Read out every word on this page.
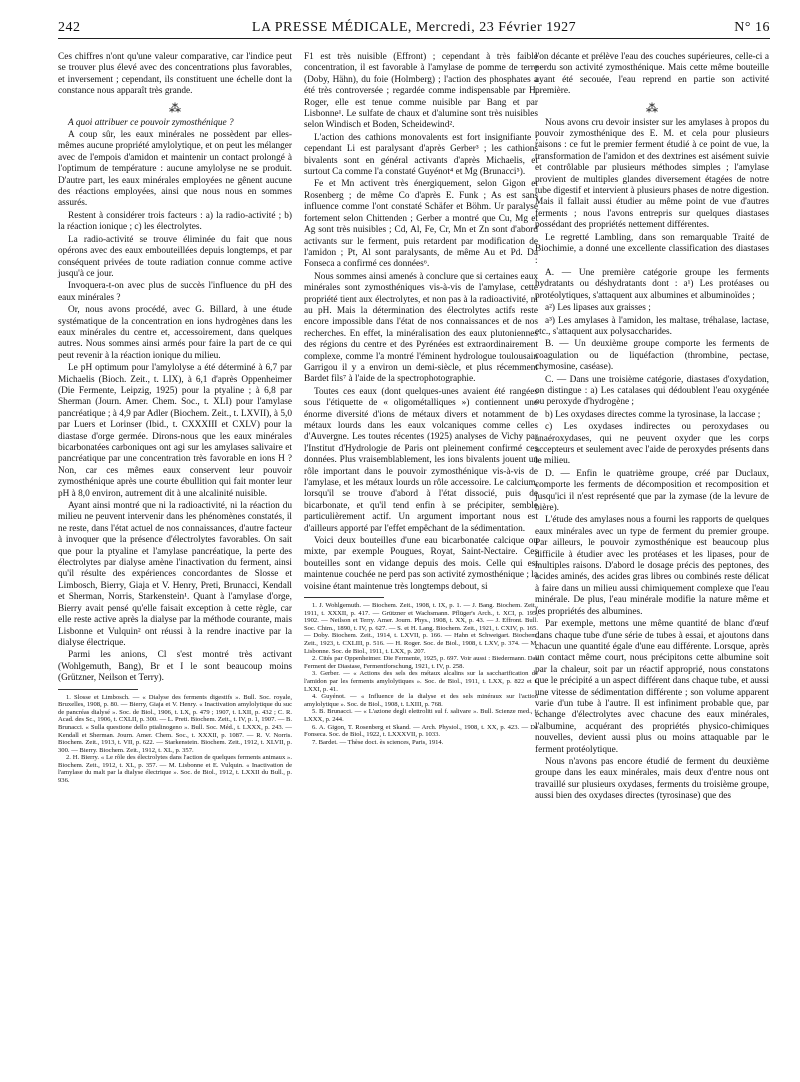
242	LA PRESSE MÉDICALE, Mercredi, 23 Février 1927	N° 16

Ces chiffres n'ont qu'une valeur comparative, car l'indice peut se trouver plus élevé avec des concentrations plus favorables, et inversement ; cependant, ils constituent une échelle dont la constance nous apparaît très grande.

⁂

A quoi attribuer ce pouvoir zymosthénique ?

A coup sûr, les eaux minérales ne possèdent par elles-mêmes aucune propriété amylolytique, et on peut les mélanger avec de l'empois d'amidon et maintenir un contact prolongé à l'optimum de température : aucune amylolyse ne se produit. D'autre part, les eaux minérales employées ne gênent aucune des réactions employées, ainsi que nous nous en sommes assurés.

Restent à considérer trois facteurs : a) la radio-activité ; b) la réaction ionique ; c) les électrolytes.

La radio-activité se trouve éliminée du fait que nous opérons avec des eaux embouteillées depuis longtemps, et par conséquent privées de toute radiation connue comme active jusqu'à ce jour.

Invoquera-t-on avec plus de succès l'influence du pH des eaux minérales ?

Or, nous avons procédé, avec G. Billard, à une étude systématique de la concentration en ions hydrogènes dans les eaux minérales du centre et, accessoirement, dans quelques autres. Nous sommes ainsi armés pour faire la part de ce qui peut revenir à la réaction ionique du milieu.

Le pH optimum pour l'amylolyse a été déterminé à 6,7 par Michaelis (Bioch. Zeit., t. LIX), à 6,1 d'après Oppenheimer (Die Fermente, Leipzig, 1925) pour la ptyaline ; à 6,8 par Sherman (Journ. Amer. Chem. Soc., t. XLI) pour l'amylase pancréatique ; à 4,9 par Adler (Biochem. Zeit., t. LXVII), à 5,0 par Luers et Lorinser (Ibid., t. CXXXIII et CXLV) pour la diastase d'orge germée. Dirons-nous que les eaux minérales bicarbonatées carboniques ont agi sur les amylases salivaire et pancréatique par une concentration très favorable en ions H ? Non, car ces mêmes eaux conservent leur pouvoir zymosthénique après une courte ébullition qui fait monter leur pH à 8,0 environ, autrement dit à une alcalinité nuisible.

Ayant ainsi montré que ni la radioactivité, ni la réaction du milieu ne peuvent intervenir dans les phénomènes constatés, il ne reste, dans l'état actuel de nos connaissances, d'autre facteur à invoquer que la présence d'électrolytes favorables. On sait que pour la ptyaline et l'amylase pancréatique, la perte des électrolytes par dialyse amène l'inactivation du ferment, ainsi qu'il résulte des expériences concordantes de Slosse et Limbosch, Bierry, Giaja et V. Henry, Preti, Brunacci, Kendall et Sherman, Norris, Starkenstein¹. Quant à l'amylase d'orge, Bierry avait pensé qu'elle faisait exception à cette règle, car elle reste active après la dialyse par la méthode courante, mais Lisbonne et Vulquin² ont réussi à la rendre inactive par la dialyse électrique.

Parmi les anions, Cl s'est montré très activant (Wohlgemuth, Bang), Br et I le sont beaucoup moins (Grützner, Neilson et Terry).

1. Slosse et Limbosch. — « Dialyse des ferments digestifs ». Bull. Soc. royale, Bruxelles, 1908, p. 80. — Bierry, Giaja et V. Henry. « Inactivation amylolytique du suc de pancréas dialysé ». Soc. de Biol., 1906, t. LX, p. 479 ; 1907, t. LXII, p. 432 ; C. R. Acad. des Sc., 1906, t. CXLII, p. 300. — L. Preti. Biochem. Zeit., t. IV, p. 1, 1907. — B. Brunacci. « Sulla questione dello ptialinogeno ». Bull. Soc. Méd., t. LXXX, p. 243. — Kendall et Sherman. Journ. Amer. Chem. Soc., t. XXXII, p. 1087. — R. V. Norris. Biochem. Zeit., 1913, t. VII, p. 622. — Starkenstein. Biochem. Zeit., 1912, t. XLVII, p. 300. — Bierry. Biochem. Zeit., 1912, t. XL, p. 357.

2. H. Bierry. « Le rôle des électrolytes dans l'action de quelques ferments animaux ». Biochem. Zeit., 1912, t. XL, p. 357. — M. Lisbonne et E. Vulquin. « Inactivation de l'amylase du malt par la dialyse électrique ». Soc. de Biol., 1912, t. LXXII du Bull., p. 936.

F1 est très nuisible (Effront) ; cependant à très faible concentration, il est favorable à l'amylase de pomme de terre (Doby, Hähn), du foie (Holmberg) ; l'action des phosphates a été très controversée ; regardée comme indispensable par H. Roger, elle est tenue comme nuisible par Bang et par Lisbonne¹. Le sulfate de chaux et d'alumine sont très nuisibles selon Windisch et Boden, Scheidewind².

L'action des cathions monovalents est fort insignifiante ; cependant Li est paralysant d'après Gerber³ ; les cathions bivalents sont en général activants d'après Michaelis, et surtout Ca comme l'a constaté Guyénot⁴ et Mg (Brunacci⁵).

Fe et Mn activent très énergiquement, selon Gigon et Rosenberg ; de même Co d'après E. Funk ; As est sans influence comme l'ont constaté Schäfer et Böhm. Ur paralyse fortement selon Chittenden ; Gerber a montré que Cu, Mg et Ag sont très nuisibles ; Cd, Al, Fe, Cr, Mn et Zn sont d'abord activants sur le ferment, puis retardent par modification de l'amidon ; Pt, Al sont paralysants, de même Au et Pd. Da Fonseca a confirmé ces données⁶.

Nous sommes ainsi amenés à conclure que si certaines eaux minérales sont zymosthéniques vis-à-vis de l'amylase, cette propriété tient aux électrolytes, et non pas à la radioactivité, ni au pH. Mais la détermination des électrolytes actifs reste encore impossible dans l'état de nos connaissances et de nos recherches. En effet, la minéralisation des eaux plutoniennes des régions du centre et des Pyrénées est extraordinairement complexe, comme l'a montré l'éminent hydrologue toulousain Garrigou il y a environ un demi-siècle, et plus récemment Bardet fils⁷ à l'aide de la spectrophotographie.

Toutes ces eaux (dont quelques-unes avaient été rangées sous l'étiquette de « oligométalliques ») contiennent une énorme diversité d'ions de métaux divers et notamment de métaux lourds dans les eaux volcaniques comme celles d'Auvergne. Les toutes récentes (1925) analyses de Vichy par l'Institut d'Hydrologie de Paris ont pleinement confirmé ces données. Plus vraisemblablement, les ions bivalents jouent un rôle important dans le pouvoir zymosthénique vis-à-vis de l'amylase, et les métaux lourds un rôle accessoire. Le calcium, lorsqu'il se trouve d'abord à l'état dissocié, puis de bicarbonate, et qu'il tend enfin à se précipiter, semble particulièrement actif. Un argument important nous est d'ailleurs apporté par l'effet empêchant de la sédimentation.

Voici deux bouteilles d'une eau bicarbonatée calcique ou mixte, par exemple Pougues, Royat, Saint-Nectaire. Ces bouteilles sont en vidange depuis des mois. Celle qui est maintenue couchée ne perd pas son activité zymosthénique ; la voisine étant maintenue très longtemps debout, si

1. J. Wohlgemuth. — Biochem. Zeit., 1908, t. IX, p. 1. — J. Bang. Biochem. Zeit., 1911, t. XXXII, p. 417. — Grützner et Wachsmann. Pflüger's Arch., t. XCI, p. 195, 1902. — Neilson et Terry. Amer. Journ. Phys., 1908, t. XX, p. 43. — J. Effront. Bull. Soc. Chim., 1890, t. IV, p. 627. — S. et H. Lang. Biochem. Zeit., 1921, t. CXIV, p. 165. — Doby. Biochem. Zeit., 1914, t. LXVII, p. 166. — Hahn et Schweigart. Biochem. Zeit., 1923, t. CXLIII, p. 516. — H. Roger. Soc. de Biol., 1908, t. LXV, p. 374. — M. Lisbonne. Soc. de Biol., 1911, t. LXX, p. 207.

2. Cités par Oppenheimer. Die Fermente, 1925, p. 697. Voir aussi : Biedermann. Das Ferment der Diastase, Fermentforschung, 1921, t. IV, p. 258.

3. Gerber. — « Actions des sels des métaux alcalins sur la saccharification de l'amidon par les ferments amylolytiques ». Soc. de Biol., 1911, t. LXX, p. 822 et t. LXXI, p. 41.

4. Guyénot. — « Influence de la dialyse et des sels minéraux sur l'action amylolytique ». Soc. de Biol., 1908, t. LXIII, p. 768.

5. B. Brunacci. — « L'azione degli elettroliti sul f. salivare ». Bull. Scienze med., t. LXXX, p. 244.

6. A. Gigon, T. Rosenberg et Skand. — Arch. Physiol., 1908, t. XX, p. 423. — De Fonseca. Soc. de Biol., 1922, t. LXXXVII, p. 1033.

7. Bardet. — Thèse doct. ès sciences, Paris, 1914.

l'on décante et prélève l'eau des couches supérieures, celle-ci a perdu son activité zymosthénique. Mais cette même bouteille ayant été secouée, l'eau reprend en partie son activité première.

⁂

Nous avons cru devoir insister sur les amylases à propos du pouvoir zymosthénique des E. M. et cela pour plusieurs raisons : ce fut le premier ferment étudié à ce point de vue, la transformation de l'amidon et des dextrines est aisément suivie et contrôlable par plusieurs méthodes simples ; l'amylase provient de multiples glandes diversement étagées de notre tube digestif et intervient à plusieurs phases de notre digestion. Mais il fallait aussi étudier au même point de vue d'autres ferments ; nous l'avons entrepris sur quelques diastases possédant des propriétés nettement différentes.

Le regretté Lambling, dans son remarquable Traité de Biochimie, a donné une excellente classification des diastases :

A. — Une première catégorie groupe les ferments hydratants ou déshydratants dont : a¹) Les protéases ou protéolytiques, s'attaquent aux albumines et albuminoïdes ;

a²) Les lipases aux graisses ;

a³) Les amylases à l'amidon, les maltase, tréhalase, lactase, etc., s'attaquent aux polysaccharides.

B. — Un deuxième groupe comporte les ferments de coagulation ou de liquéfaction (thrombine, pectase, chymosine, caséase).

C. — Dans une troisième catégorie, diastases d'oxydation, on distingue : a) Les catalases qui dédoublent l'eau oxygénée ou peroxyde d'hydrogène ;

b) Les oxydases directes comme la tyrosinase, la laccase ;

c) Les oxydases indirectes ou peroxydases ou anaéroxydases, qui ne peuvent oxyder que les corps accepteurs et seulement avec l'aide de peroxydes présents dans le milieu.

D. — Enfin le quatrième groupe, créé par Duclaux, comporte les ferments de décomposition et recomposition et jusqu'ici il n'est représenté que par la zymase (de la levure de bière).

L'étude des amylases nous a fourni les rapports de quelques eaux minérales avec un type de ferment du premier groupe. Par ailleurs, le pouvoir zymosthénique est beaucoup plus difficile à étudier avec les protéases et les lipases, pour de multiples raisons. D'abord le dosage précis des peptones, des acides aminés, des acides gras libres ou combinés reste délicat à faire dans un milieu aussi chimiquement complexe que l'eau minérale. De plus, l'eau minérale modifie la nature même et les propriétés des albumines.

Par exemple, mettons une même quantité de blanc d'œuf dans chaque tube d'une série de tubes à essai, et ajoutons dans chacun une quantité égale d'une eau différente. Lorsque, après un contact même court, nous précipitons cette albumine soit par la chaleur, soit par un réactif approprié, nous constatons que le précipité a un aspect différent dans chaque tube, et aussi une vitesse de sédimentation différente ; son volume apparent varie d'un tube à l'autre. Il est infiniment probable que, par échange d'électrolytes avec chacune des eaux minérales, l'albumine, acquérant des propriétés physico-chimiques nouvelles, devient aussi plus ou moins attaquable par le ferment protéolytique.

Nous n'avons pas encore étudié de ferment du deuxième groupe dans les eaux minérales, mais deux d'entre nous ont travaillé sur plusieurs oxydases, ferments du troisième groupe, aussi bien des oxydases directes (tyrosinase) que des
